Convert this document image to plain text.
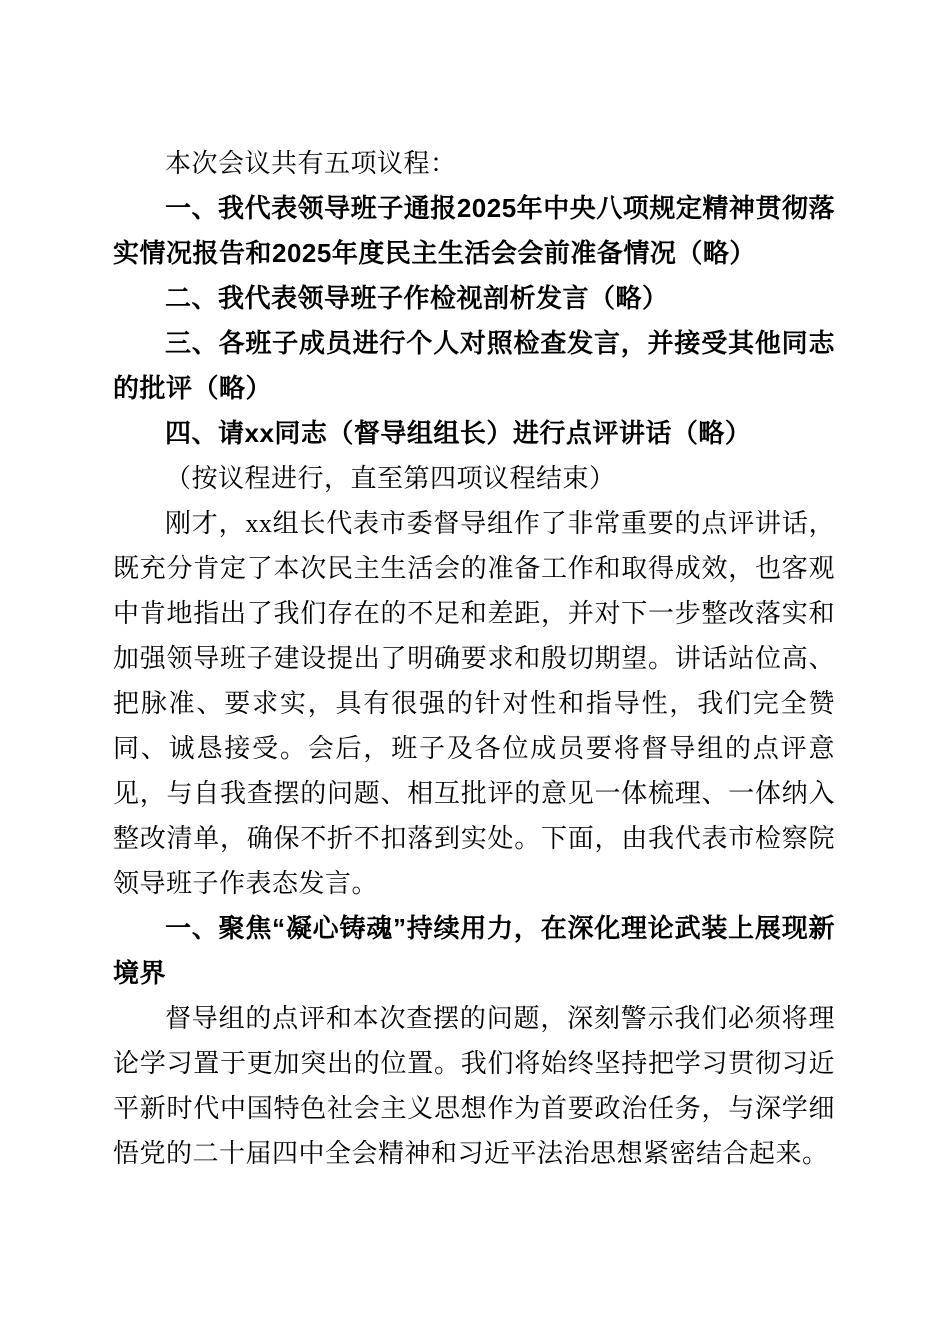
本次会议共有五项议程：

一、我代表领导班子通报2025年中央八项规定精神贯彻落实情况报告和2025年度民主生活会会前准备情况（略）

二、我代表领导班子作检视剖析发言（略）

三、各班子成员进行个人对照检查发言，并接受其他同志的批评（略）

四、请xx同志（督导组组长）进行点评讲话（略）

（按议程进行，直至第四项议程结束）

刚才，xx组长代表市委督导组作了非常重要的点评讲话，既充分肯定了本次民主生活会的准备工作和取得成效，也客观中肯地指出了我们存在的不足和差距，并对下一步整改落实和加强领导班子建设提出了明确要求和殷切期望。讲话站位高、把脉准、要求实，具有很强的针对性和指导性，我们完全赞同、诚恳接受。会后，班子及各位成员要将督导组的点评意见，与自我查摆的问题、相互批评的意见一体梳理、一体纳入整改清单，确保不折不扣落到实处。下面，由我代表市检察院领导班子作表态发言。

一、聚焦“凝心铸魂”持续用力，在深化理论武装上展现新境界

督导组的点评和本次查摆的问题，深刻警示我们必须将理论学习置于更加突出的位置。我们将始终坚持把学习贯彻习近平新时代中国特色社会主义思想作为首要政治任务，与深学细悟党的二十届四中全会精神和习近平法治思想紧密结合起来。
